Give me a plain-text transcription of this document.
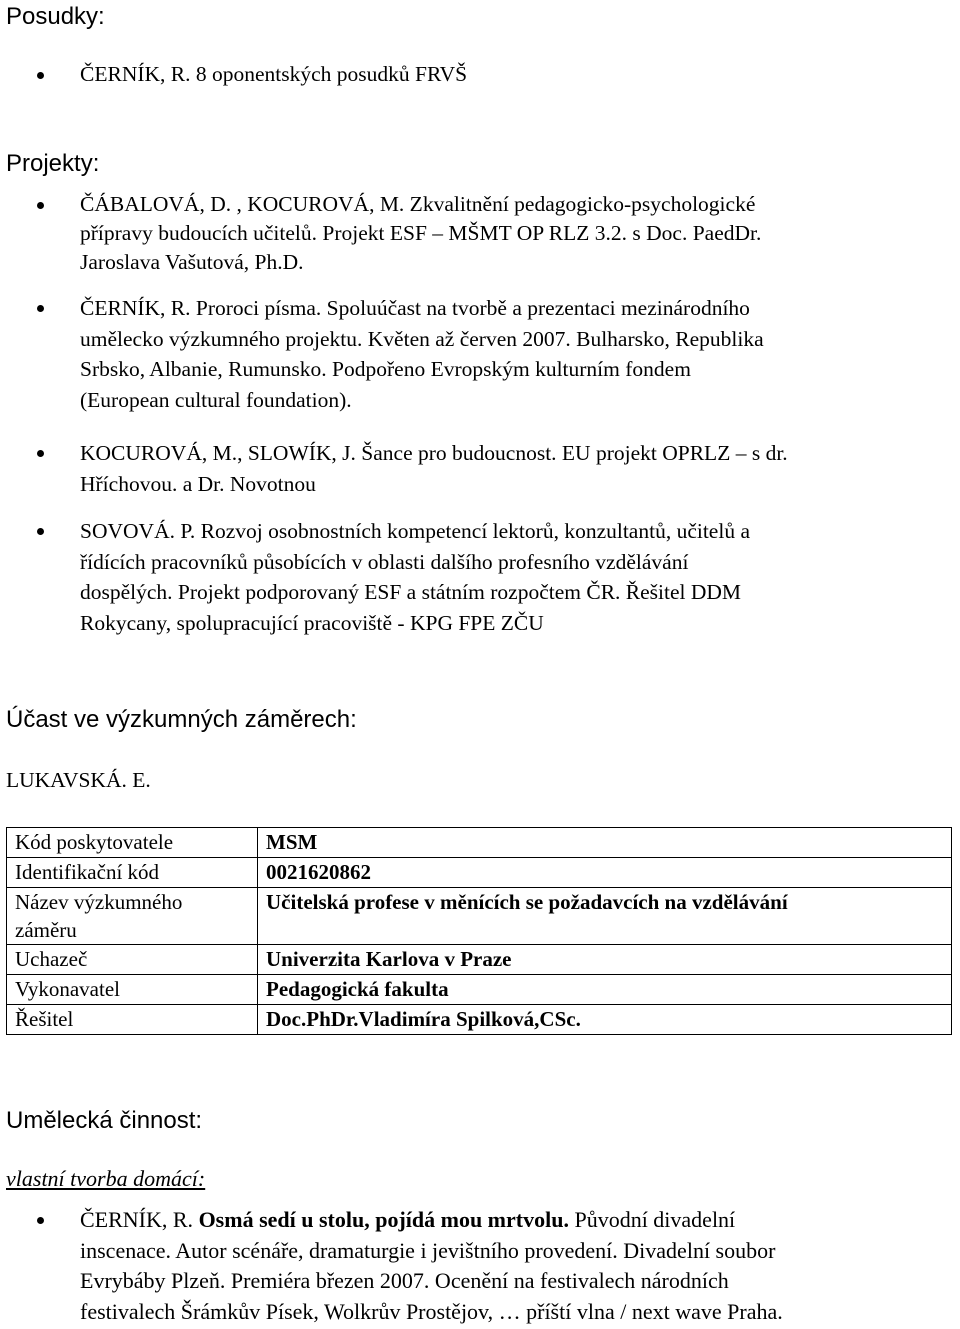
Posudky:
ČERNÍK, R. 8 oponentských posudků FRVŠ
Projekty:
ČÁBALOVÁ, D. , KOCUROVÁ, M. Zkvalitnění pedagogicko-psychologické
přípravy budoucích učitelů. Projekt ESF – MŠMT OP RLZ 3.2. s Doc. PaedDr.
Jaroslava Vašutová, Ph.D.
ČERNÍK, R. Proroci písma. Spoluúčast na tvorbě a prezentaci mezinárodního
umělecko výzkumného projektu. Květen až červen 2007. Bulharsko, Republika
Srbsko, Albanie, Rumunsko. Podpořeno Evropským kulturním fondem
(European cultural foundation).
KOCUROVÁ, M., SLOWÍK, J. Šance pro budoucnost. EU projekt OPRLZ – s dr.
Hříchovou. a Dr. Novotnou
SOVOVÁ. P. Rozvoj osobnostních kompetencí lektorů, konzultantů, učitelů a
řídících pracovníků působících v oblasti dalšího profesního vzdělávání
dospělých. Projekt podporovaný ESF a státním rozpočtem ČR. Řešitel DDM
Rokycany, spolupracující pracoviště - KPG FPE ZČU
Účast ve výzkumných záměrech:

LUKAVSKÁ. E.

Kód poskytovatele	MSM
Identifikační kód	0021620862
Název výzkumného záměru	Učitelská profese v měnících se požadavcích na vzdělávání
Uchazeč	Univerzita Karlova v Praze
Vykonavatel	Pedagogická fakulta
Řešitel	Doc.PhDr.Vladimíra Spilková,CSc.
Umělecká činnost:

vlastní tvorba domácí:

ČERNÍK, R. Osmá sedí u stolu, pojídá mou mrtvolu. Původní divadelní
inscenace. Autor scénáře, dramaturgie i jevištního provedení. Divadelní soubor
Evrybáby Plzeň. Premiéra březen 2007. Ocenění na festivalech národních
festivalech Šrámkův Písek, Wolkrův Prostějov, … příští vlna / next wave Praha.
